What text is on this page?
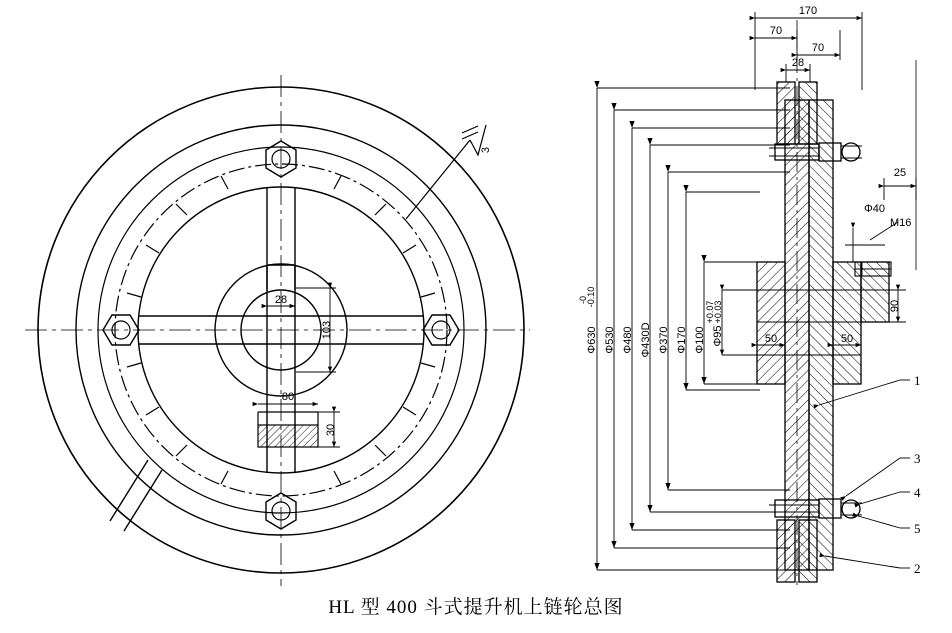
28
103
80
30
3
170
70
70
28
25
Φ40
M16
90
50	50
Φ630
-0
-0.10
Φ530 Φ480 Φ430D Φ370 Φ170 Φ100 Φ95
+0.07
+0.03
1
2
3
4
5
HL 型 400 斗式提升机上链轮总图
